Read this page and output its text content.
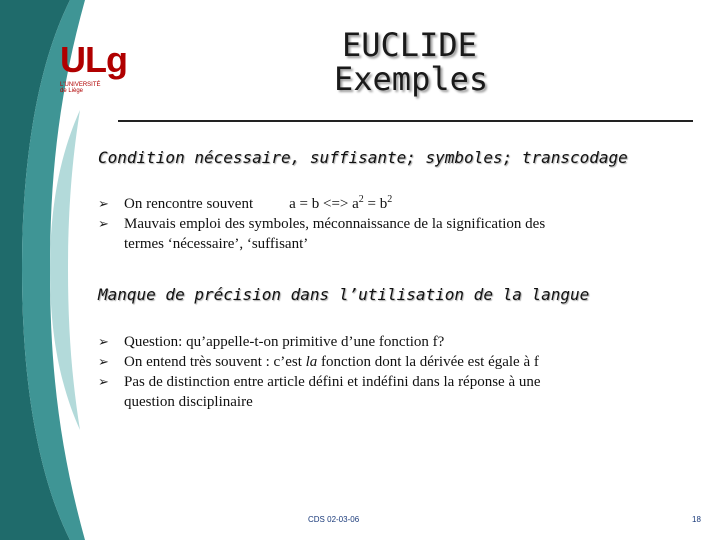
ULg
L'UNIVERSITÉ de Liège
EUCLIDE
Exemples
Condition nécessaire, suffisante; symboles; transcodage
➢ On rencontre souvent a = b <=> $a^2 = b^2$
➢ Mauvais emploi des symboles, méconnaissance de la signification des
termes ‘nécessaire’, ‘suffisant’
Manque de précision dans l’utilisation de la langue
➢ Question: qu’appelle-t-on primitive d’une fonction f?
➢ On entend très souvent : c’est la fonction dont la dérivée est égale à f
➢ Pas de distinction entre article défini et indéfini dans la réponse à une
question disciplinaire
CDS 02-03-06	18
